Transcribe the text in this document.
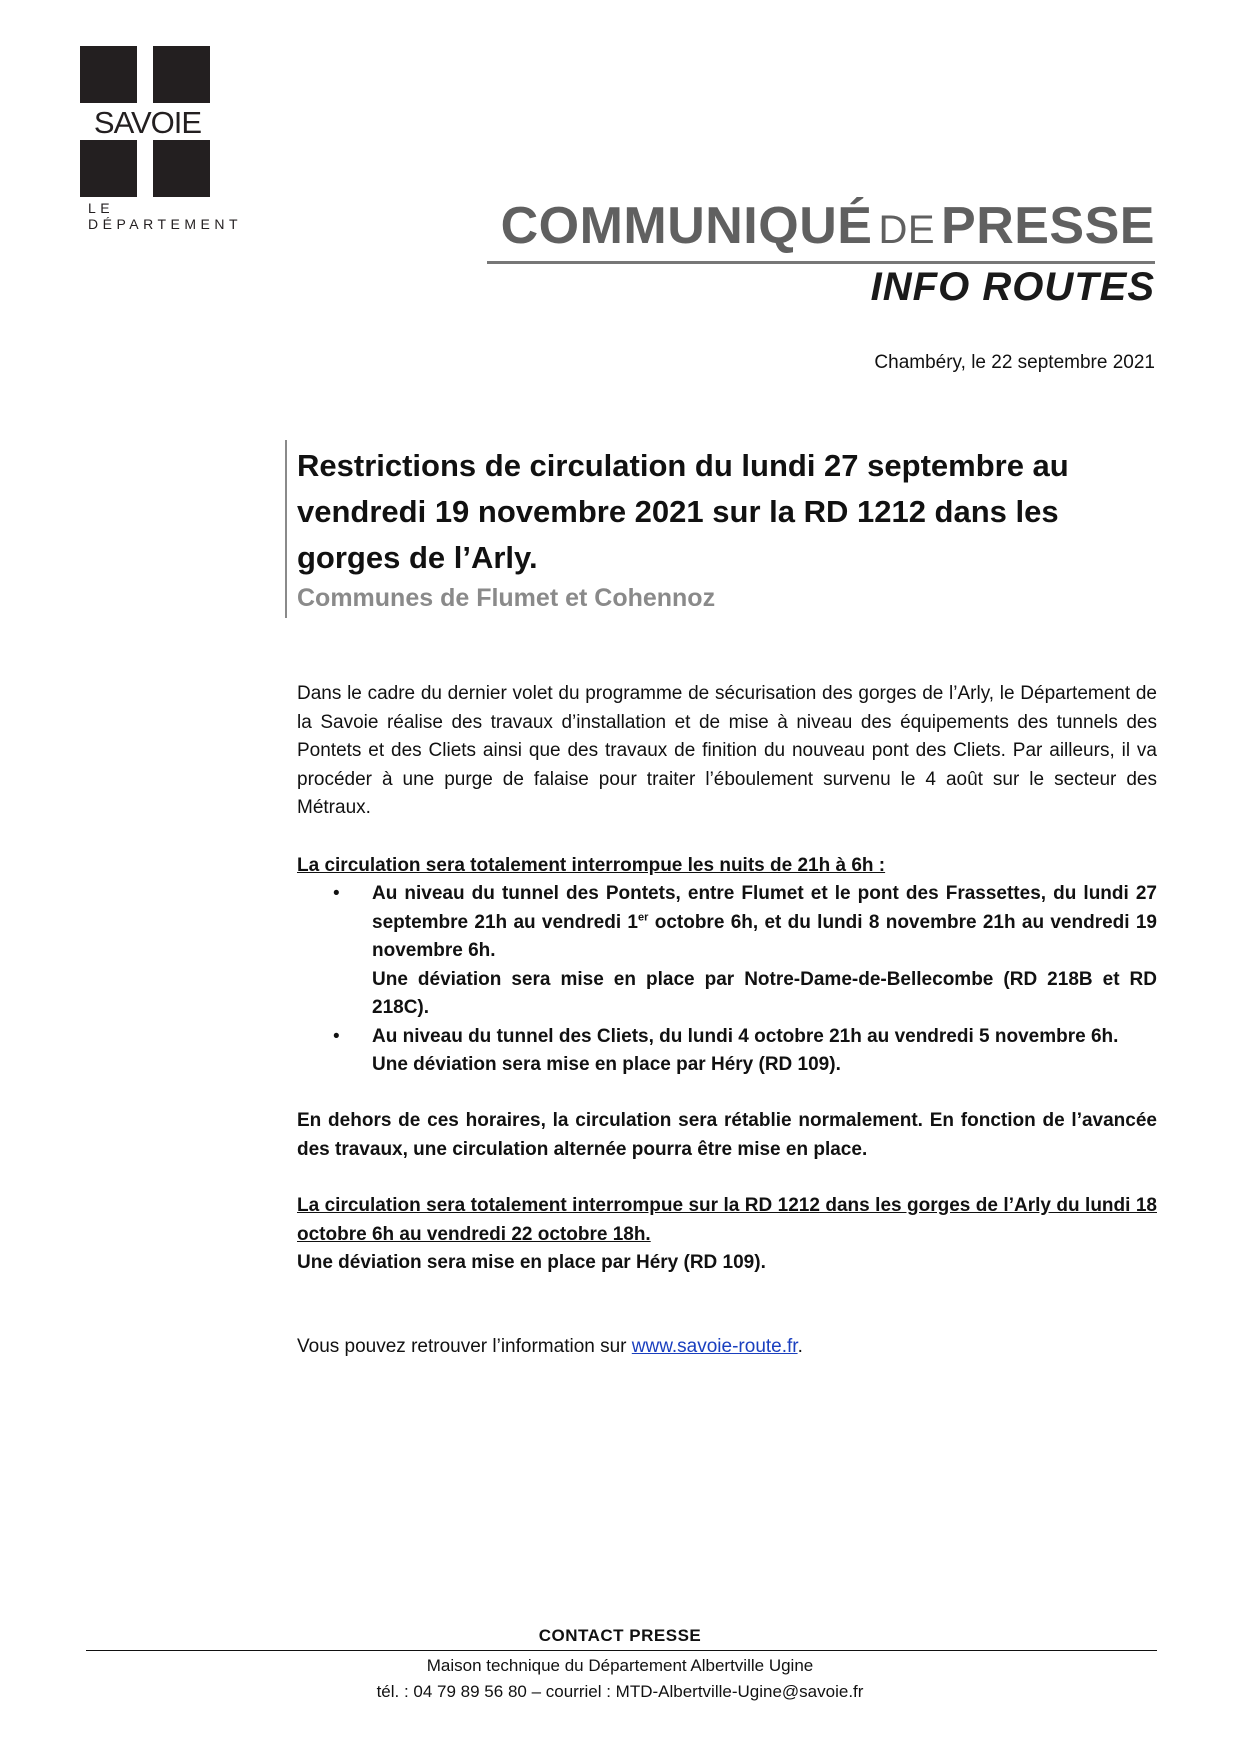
SAVOIE
LE DÉPARTEMENT	COMMUNIQUÉ DE PRESSE
INFO ROUTES
Chambéry, le 22 septembre 2021
Restrictions de circulation du lundi 27 septembre au vendredi 19 novembre 2021 sur la RD 1212 dans les gorges de l’Arly.
Communes de Flumet et Cohennoz
Dans le cadre du dernier volet du programme de sécurisation des gorges de l’Arly, le Département de la Savoie réalise des travaux d’installation et de mise à niveau des équipements des tunnels des Pontets et des Cliets ainsi que des travaux de finition du nouveau pont des Cliets. Par ailleurs, il va procéder à une purge de falaise pour traiter l’éboulement survenu le 4 août sur le secteur des Métraux.
La circulation sera totalement interrompue les nuits de 21h à 6h :
• Au niveau du tunnel des Pontets, entre Flumet et le pont des Frassettes, du lundi 27 septembre 21h au vendredi 1er octobre 6h, et du lundi 8 novembre 21h au vendredi 19 novembre 6h.
Une déviation sera mise en place par Notre-Dame-de-Bellecombe (RD 218B et RD 218C).
• Au niveau du tunnel des Cliets, du lundi 4 octobre 21h au vendredi 5 novembre 6h.
Une déviation sera mise en place par Héry (RD 109).
En dehors de ces horaires, la circulation sera rétablie normalement. En fonction de l’avancée des travaux, une circulation alternée pourra être mise en place.
La circulation sera totalement interrompue sur la RD 1212 dans les gorges de l’Arly du lundi 18 octobre 6h au vendredi 22 octobre 18h.
Une déviation sera mise en place par Héry (RD 109).
Vous pouvez retrouver l’information sur www.savoie-route.fr.
CONTACT PRESSE
Maison technique du Département Albertville Ugine
tél. : 04 79 89 56 80 – courriel : MTD-Albertville-Ugine@savoie.fr
